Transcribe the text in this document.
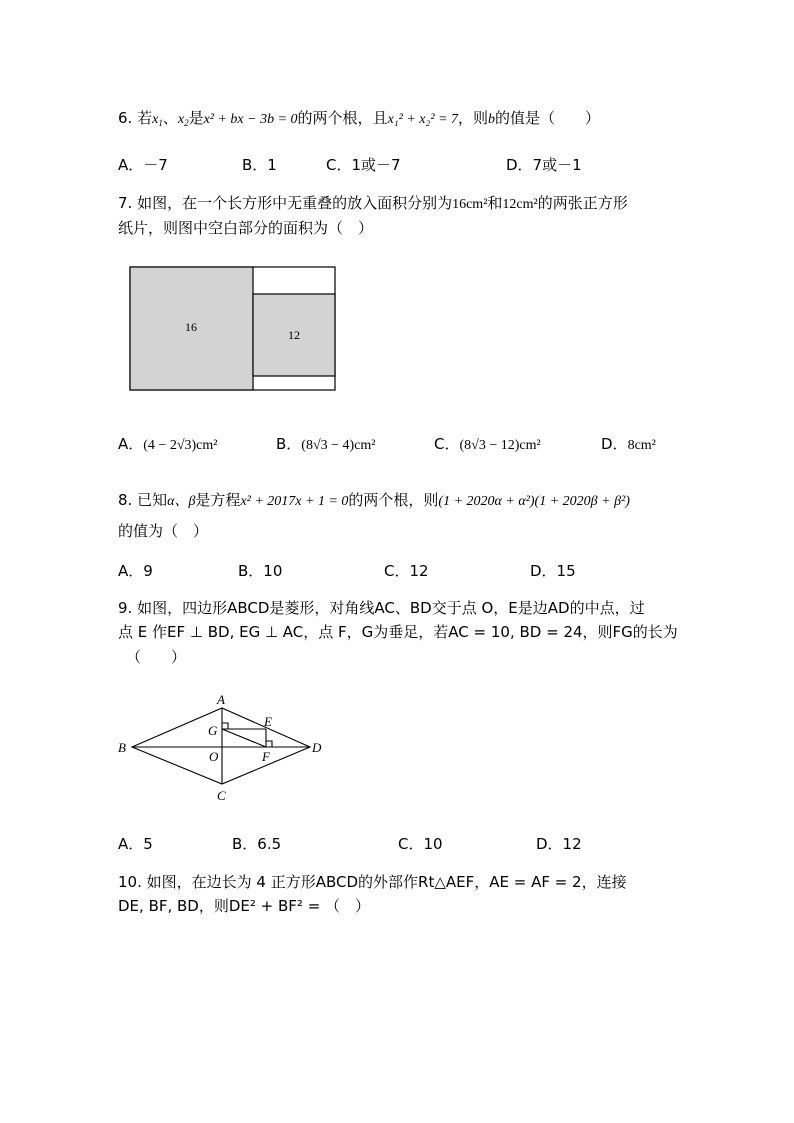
6. 若$x_1$、$x_2$是x² + bx − 3b = 0的两个根，且x₁² + x₂² = 7，则b的值是（　　）
A．－7	B．1	C．1或－7	D．7或－1
7. 如图，在一个长方形中无重叠的放入面积分别为16cm²和12cm²的两张正方形
纸片，则图中空白部分的面积为（　）
16
12
A．(4 − 2√3)cm²	B．(8√3 − 4)cm²	C．(8√3 − 12)cm²	D．8cm²
8. 已知α、β是方程x² + 2017x + 1 = 0的两个根，则(1 + 2020α + α²)(1 + 2020β + β²)
的值为（　）
A．9	B．10	C．12	D．15
9. 如图，四边形ABCD是菱形，对角线AC、BD交于点 O，E是边AD的中点，过
点 E 作EF ⊥ BD, EG ⊥ AC，点 F，G为垂足，若AC = 10, BD = 24，则FG的长为
（　　）
A
B
C
D
E
G
F
O
A．5	B．6.5	C．10	D．12
10. 如图，在边长为 4 正方形ABCD的外部作Rt△AEF，AE = AF = 2，连接
DE, BF, BD，则DE² + BF² = （　）
